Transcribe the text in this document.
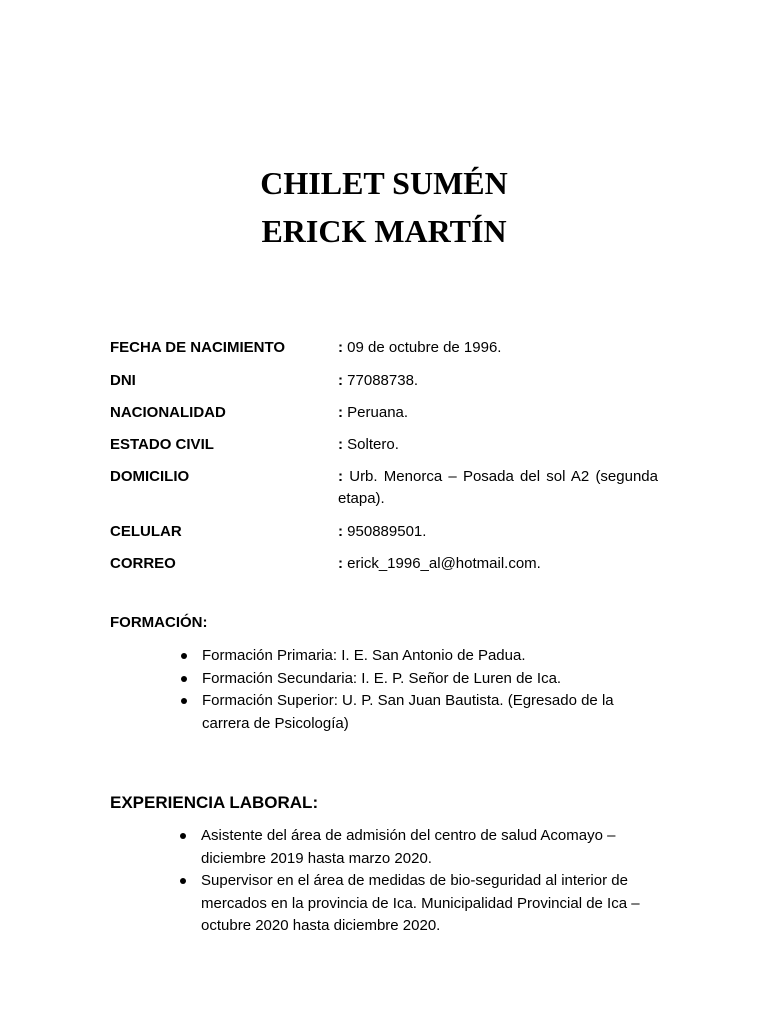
CHILET SUMÉN
ERICK MARTÍN
FECHA DE NACIMIENTO	: 09 de octubre de 1996.
DNI	: 77088738.
NACIONALIDAD	: Peruana.
ESTADO CIVIL	: Soltero.
DOMICILIO	: Urb. Menorca – Posada del sol A2 (segunda etapa).
CELULAR	: 950889501.
CORREO	: erick_1996_al@hotmail.com.
FORMACIÓN:
Formación Primaria: I. E. San Antonio de Padua.
Formación Secundaria: I. E. P. Señor de Luren de Ica.
Formación Superior: U. P. San Juan Bautista. (Egresado de la carrera de Psicología)
EXPERIENCIA LABORAL:
Asistente del área de admisión del centro de salud Acomayo – diciembre 2019 hasta marzo 2020.
Supervisor en el área de medidas de bio-seguridad al interior de mercados en la provincia de Ica. Municipalidad Provincial de Ica – octubre 2020 hasta diciembre 2020.
